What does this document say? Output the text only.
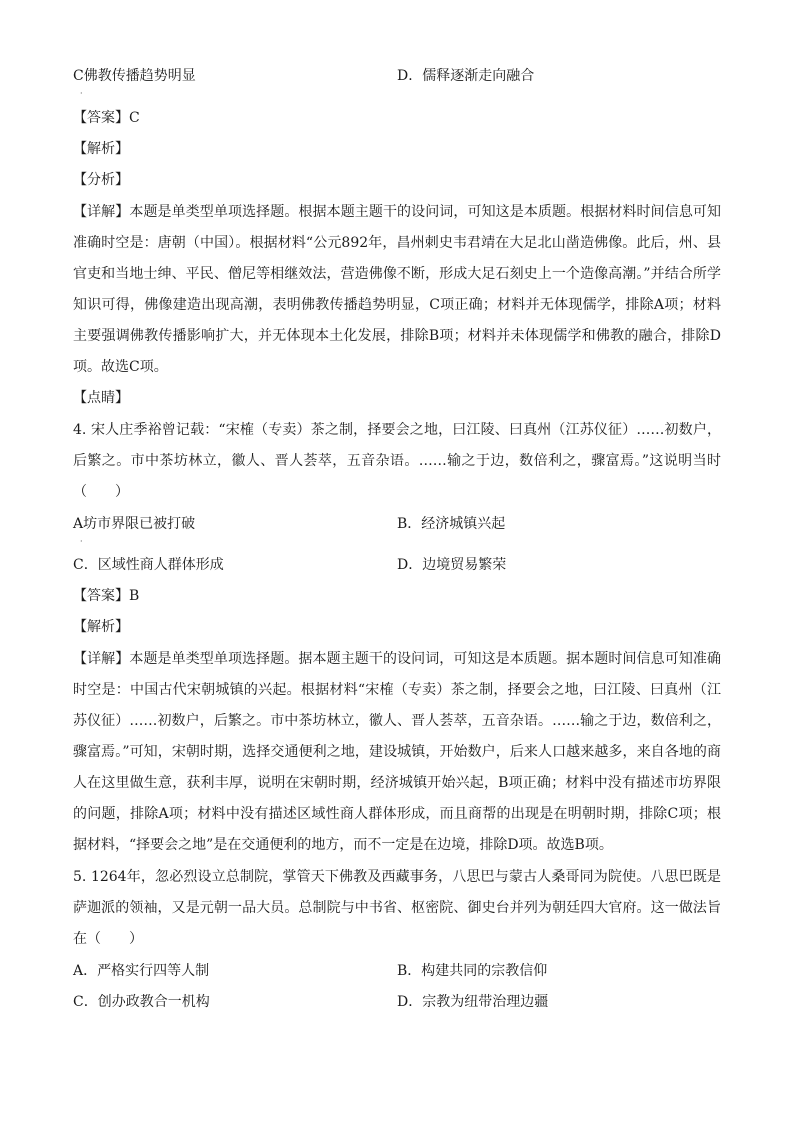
C佛教传播趋势明显	D．儒释逐渐走向融合
·
【答案】C
【解析】
【分析】
【详解】本题是单类型单项选择题。根据本题主题干的设问词，可知这是本质题。根据材料时间信息可知准确时空是：唐朝（中国）。根据材料“公元892年，昌州刺史韦君靖在大足北山凿造佛像。此后，州、县官吏和当地士绅、平民、僧尼等相继效法，营造佛像不断，形成大足石刻史上一个造像高潮。”并结合所学知识可得，佛像建造出现高潮，表明佛教传播趋势明显，C项正确；材料并无体现儒学，排除A项；材料主要强调佛教传播影响扩大，并无体现本土化发展，排除B项；材料并未体现儒学和佛教的融合，排除D项。故选C项。
【点睛】
4. 宋人庄季裕曾记载：“宋榷（专卖）茶之制，择要会之地，曰江陵、曰真州（江苏仪征）……初数户，后繁之。市中茶坊林立，徽人、晋人荟萃，五音杂语。……输之于边，数倍利之，骤富焉。”这说明当时（　　）
A坊市界限已被打破	B．经济城镇兴起
·
C．区域性商人群体形成	D．边境贸易繁荣
【答案】B
【解析】
【详解】本题是单类型单项选择题。据本题主题干的设问词，可知这是本质题。据本题时间信息可知准确时空是：中国古代宋朝城镇的兴起。根据材料“宋榷（专卖）茶之制，择要会之地，曰江陵、曰真州（江苏仪征）……初数户，后繁之。市中茶坊林立，徽人、晋人荟萃，五音杂语。……输之于边，数倍利之，骤富焉。”可知，宋朝时期，选择交通便利之地，建设城镇，开始数户，后来人口越来越多，来自各地的商人在这里做生意，获利丰厚，说明在宋朝时期，经济城镇开始兴起，B项正确；材料中没有描述市坊界限的问题，排除A项；材料中没有描述区域性商人群体形成，而且商帮的出现是在明朝时期，排除C项；根据材料，“择要会之地”是在交通便利的地方，而不一定是在边境，排除D项。故选B项。
5. 1264年，忽必烈设立总制院，掌管天下佛教及西藏事务，八思巴与蒙古人桑哥同为院使。八思巴既是萨迦派的领袖，又是元朝一品大员。总制院与中书省、枢密院、御史台并列为朝廷四大官府。这一做法旨在（　　）
A．严格实行四等人制	B．构建共同的宗教信仰
C．创办政教合一机构	D．宗教为纽带治理边疆
